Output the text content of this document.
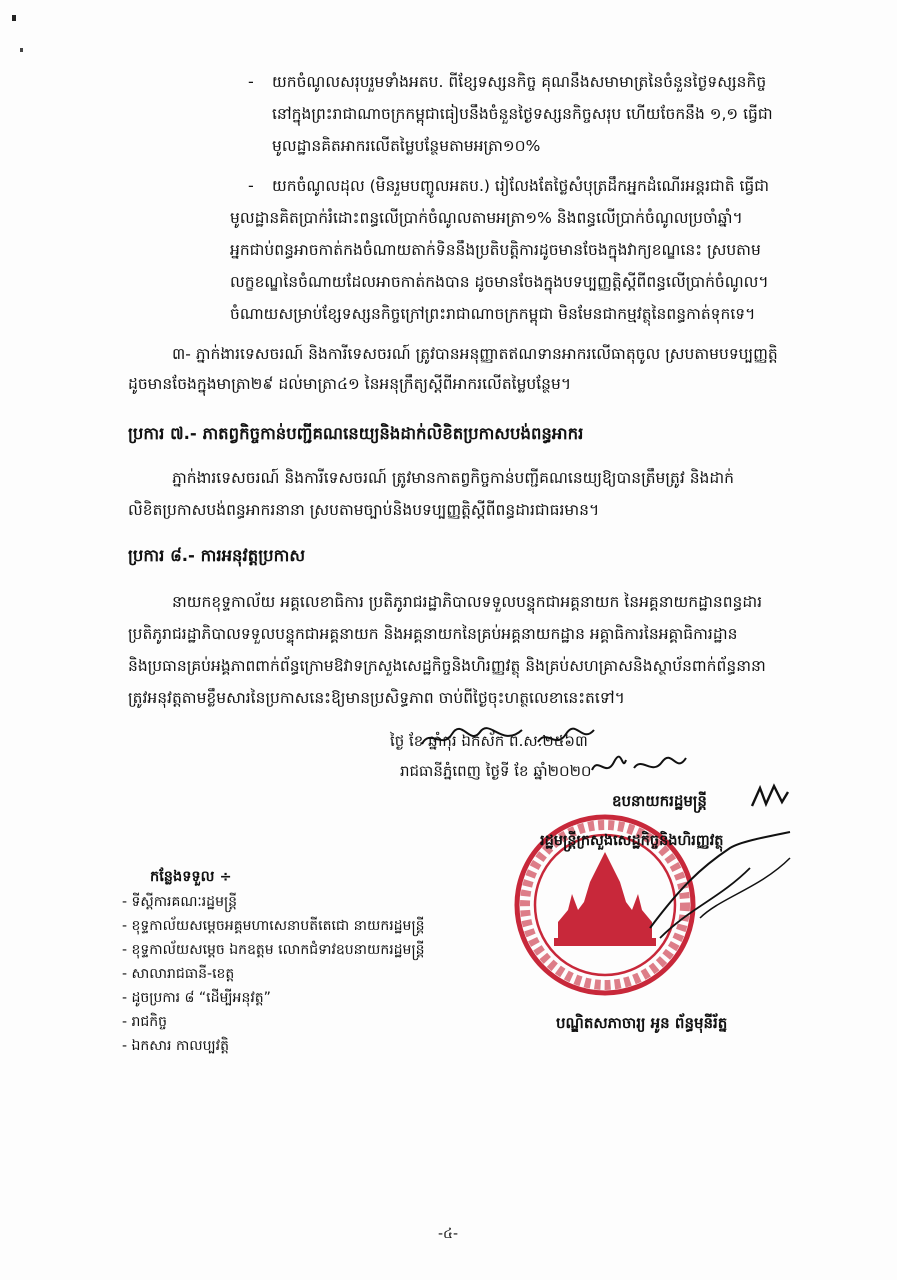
- យកចំណូលសរុបរួមទាំងអតប. ពីខ្សែទស្សនកិច្ច គុណនឹងសមាមាត្រនៃចំនួនថ្ងៃទស្សនកិច្ច
នៅក្នុងព្រះរាជាណាចក្រកម្ពុជាធៀបនឹងចំនួនថ្ងៃទស្សនកិច្ចសរុប ហើយចែកនឹង ១,១ ធ្វើជា
មូលដ្ឋានគិតអាករលើតម្លៃបន្ថែមតាមអត្រា១០%
- យកចំណូលដុល (មិនរួមបញ្ចូលអតប.) រៀលែងតែថ្លៃសំបុត្រដឹកអ្នកដំណើរអន្តរជាតិ ធ្វើជា
មូលដ្ឋានគិតប្រាក់រំដោះពន្ធលើប្រាក់ចំណូលតាមអត្រា១% និងពន្ធលើប្រាក់ចំណូលប្រចាំឆ្នាំ។
អ្នកជាប់ពន្ធអាចកាត់កងចំណាយតាក់ទិននឹងប្រតិបត្តិការដូចមានចែងក្នុងវាក្យខណ្ឌនេះ ស្របតាម
លក្ខខណ្ឌនៃចំណាយដែលអាចកាត់កងបាន ដូចមានចែងក្នុងបទប្បញ្ញត្តិស្តីពីពន្ធលើប្រាក់ចំណូល។
ចំណាយសម្រាប់ខ្សែទស្សនកិច្ចក្រៅព្រះរាជាណាចក្រកម្ពុជា មិនមែនជាកម្មវត្ថុនៃពន្ធកាត់ទុកទេ។
៣- ភ្នាក់ងារទេសចរណ៍ និងការីទេសចរណ៍ ត្រូវបានអនុញ្ញាតឥណទានអាករលើធាតុចូល ស្របតាមបទប្បញ្ញត្តិ
ដូចមានចែងក្នុងមាត្រា២៩ ដល់មាត្រា៤១ នៃអនុក្រឹត្យស្តីពីអាករលើតម្លៃបន្ថែម។
ប្រការ ៧.- ភាតព្វកិច្ចកាន់បញ្ជីគណនេយ្យនិងដាក់លិខិតប្រកាសបង់ពន្ធអាករ
ភ្នាក់ងារទេសចរណ៍ និងការីទេសចរណ៍ ត្រូវមានកាតព្វកិច្ចកាន់បញ្ជីគណនេយ្យឱ្យបានត្រឹមត្រូវ និងដាក់
លិខិតប្រកាសបង់ពន្ធអាករនានា ស្របតាមច្បាប់និងបទប្បញ្ញត្តិស្តីពីពន្ធដារជាធរមាន។
ប្រការ ៨.- ការអនុវត្តប្រកាស
នាយកខុទ្ទកាល័យ អគ្គលេខាធិការ ប្រតិភូរាជរដ្ឋាភិបាលទទួលបន្ទុកជាអគ្គនាយក នៃអគ្គនាយកដ្ឋានពន្ធដារ
ប្រតិភូរាជរដ្ឋាភិបាលទទួលបន្ទុកជាអគ្គនាយក និងអគ្គនាយកនៃគ្រប់អគ្គនាយកដ្ឋាន អគ្គាធិការនៃអគ្គាធិការដ្ឋាន
និងប្រធានគ្រប់អង្គភាពពាក់ព័ន្ធក្រោមឱវាទក្រសួងសេដ្ឋកិច្ចនិងហិរញ្ញវត្ថុ និងគ្រប់សហគ្រាសនិងស្ថាប័នពាក់ព័ន្ធនានា
ត្រូវអនុវត្តតាមខ្លឹមសារនៃប្រកាសនេះឱ្យមានប្រសិទ្ធភាព ចាប់ពីថ្ងៃចុះហត្ថលេខានេះតទៅ។
ថ្ងៃ ខែ ឆ្នាំកុរ ឯកស័ក ព.ស.២៥៦៣
រាជធានីភ្នំពេញ ថ្ងៃទី ខែ ឆ្នាំ២០២០
ឧបនាយករដ្ឋមន្ត្រី
រដ្ឋមន្ត្រីក្រសួងសេដ្ឋកិច្ចនិងហិរញ្ញវត្ថុ
បណ្ឌិតសភាចារ្យ អូន ព័ន្ធមុនីរ័ត្ន
កន្លែងទទួល ÷
- ទីស្តីការគណៈរដ្ឋមន្ត្រី
- ខុទ្ទកាល័យសម្តេចអគ្គមហាសេនាបតីតេជោ នាយករដ្ឋមន្ត្រី
- ខុទ្ទកាល័យសម្តេច ឯកឧត្តម លោកជំទាវឧបនាយករដ្ឋមន្ត្រី
- សាលារាជធានី-ខេត្ត
- ដូចប្រការ ៨ “ដើម្បីអនុវត្ត”
- រាជកិច្ច
- ឯកសារ កាលប្បវត្តិ
-៤-
